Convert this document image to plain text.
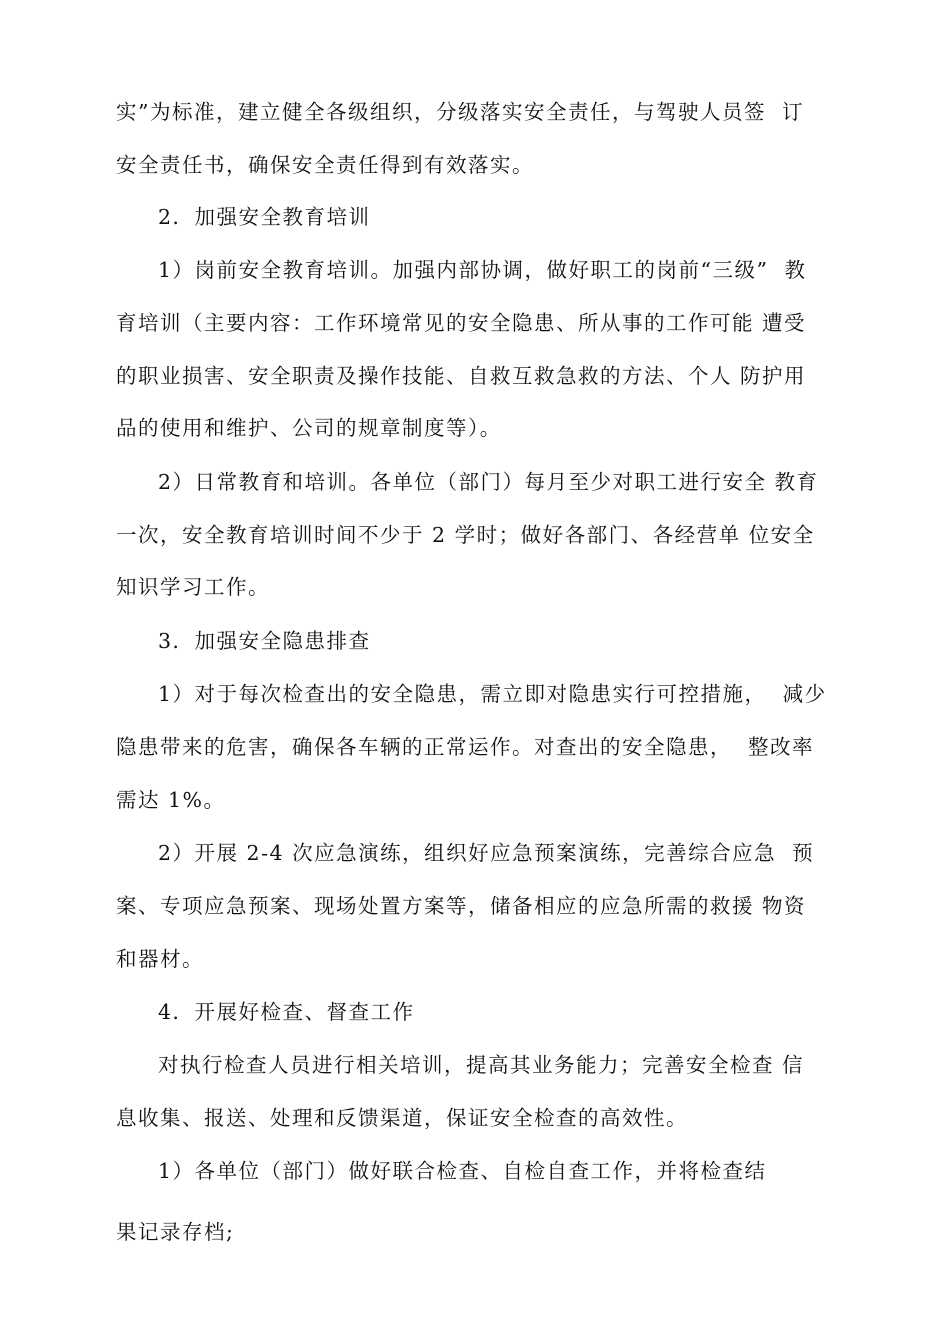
实”为标准，建立健全各级组织，分级落实安全责任，与驾驶人员签  订
安全责任书，确保安全责任得到有效落实。
2．加强安全教育培训
1）岗前安全教育培训。加强内部协调，做好职工的岗前“三级”  教
育培训（主要内容：工作环境常见的安全隐患、所从事的工作可能 遭受
的职业损害、安全职责及操作技能、自救互救急救的方法、个人 防护用
品的使用和维护、公司的规章制度等）。
2）日常教育和培训。各单位（部门）每月至少对职工进行安全 教育
一次，安全教育培训时间不少于 2 学时；做好各部门、各经营单 位安全
知识学习工作。
3．加强安全隐患排查
1）对于每次检查出的安全隐患，需立即对隐患实行可控措施，  减少
隐患带来的危害，确保各车辆的正常运作。对查出的安全隐患，  整改率
需达 1%。
2）开展 2-4 次应急演练，组织好应急预案演练，完善综合应急  预
案、专项应急预案、现场处置方案等，储备相应的应急所需的救援 物资
和器材。
4．开展好检查、督查工作
对执行检查人员进行相关培训，提高其业务能力；完善安全检查 信
息收集、报送、处理和反馈渠道，保证安全检查的高效性。
1）各单位（部门）做好联合检查、自检自查工作，并将检查结
果记录存档;
